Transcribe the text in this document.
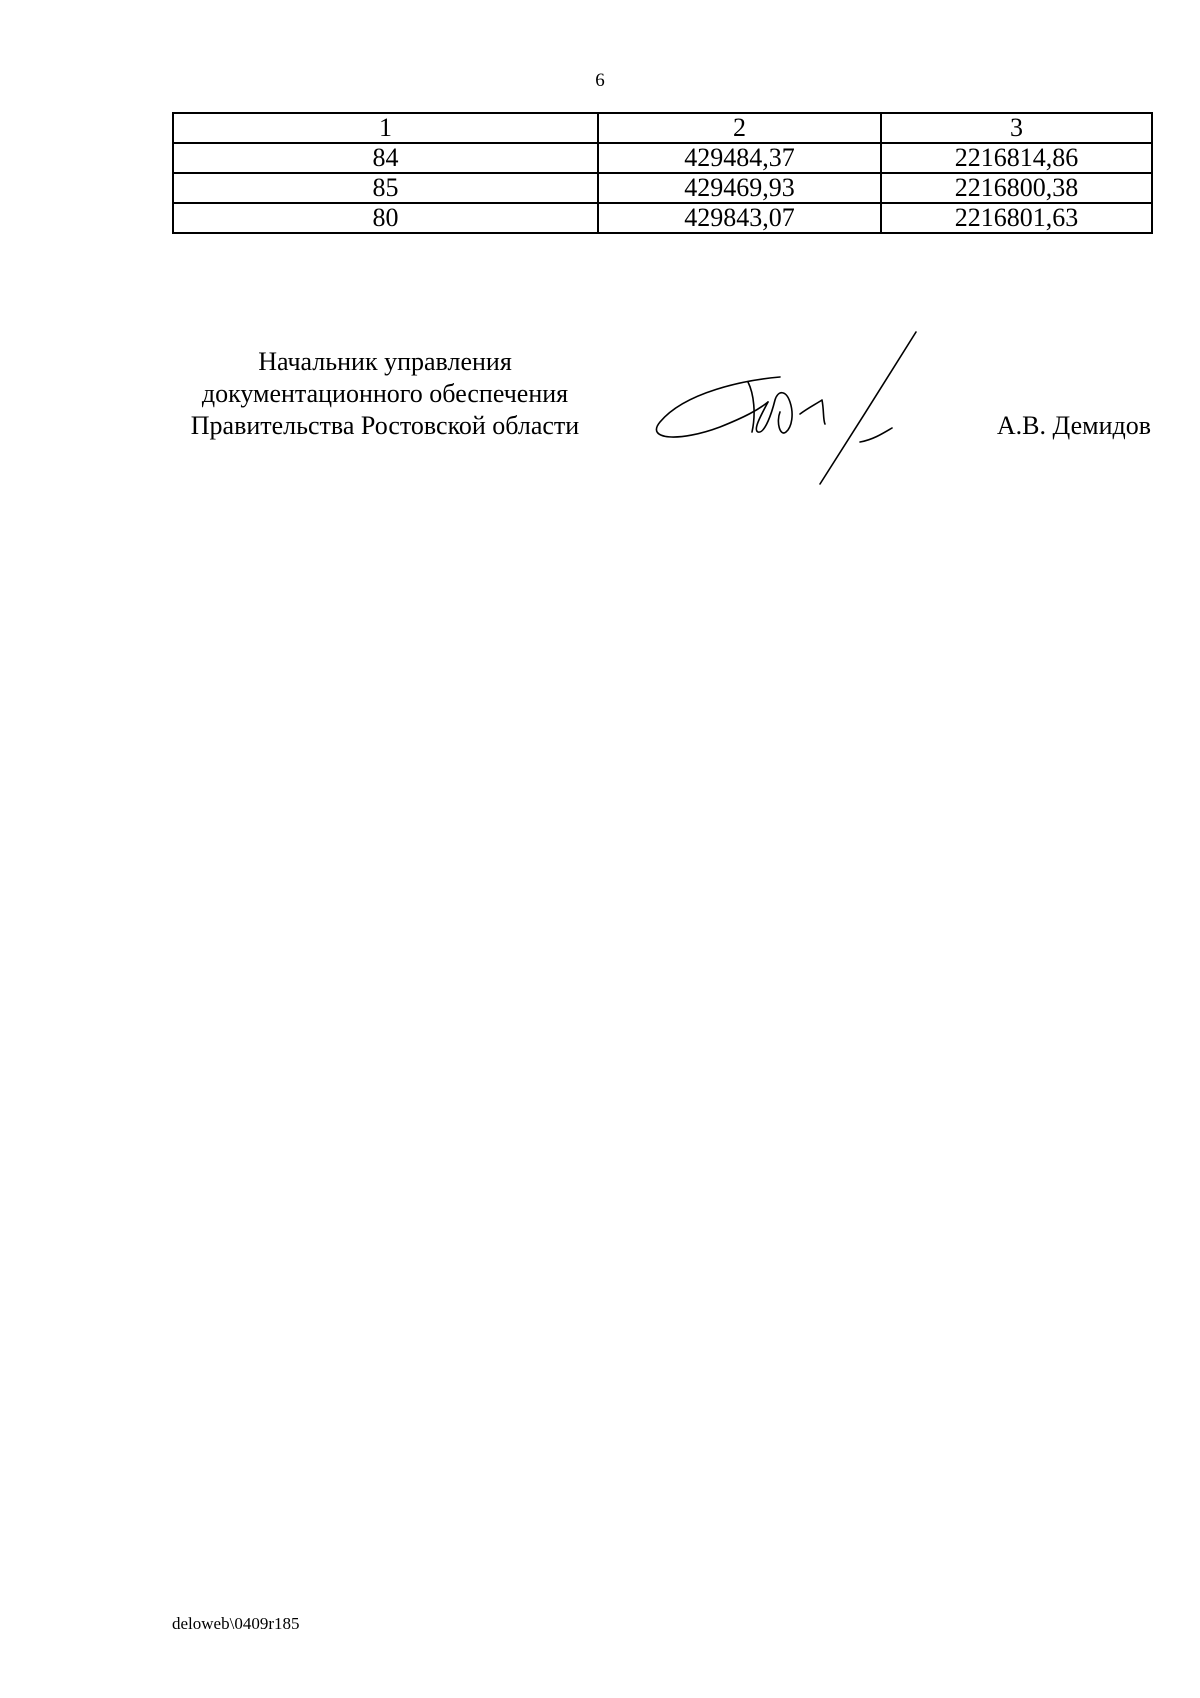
6
1	2	3
84	429484,37	2216814,86
85	429469,93	2216800,38
80	429843,07	2216801,63
Начальник управления
документационного обеспечения
Правительства Ростовской области	А.В. Демидов
deloweb\0409r185
